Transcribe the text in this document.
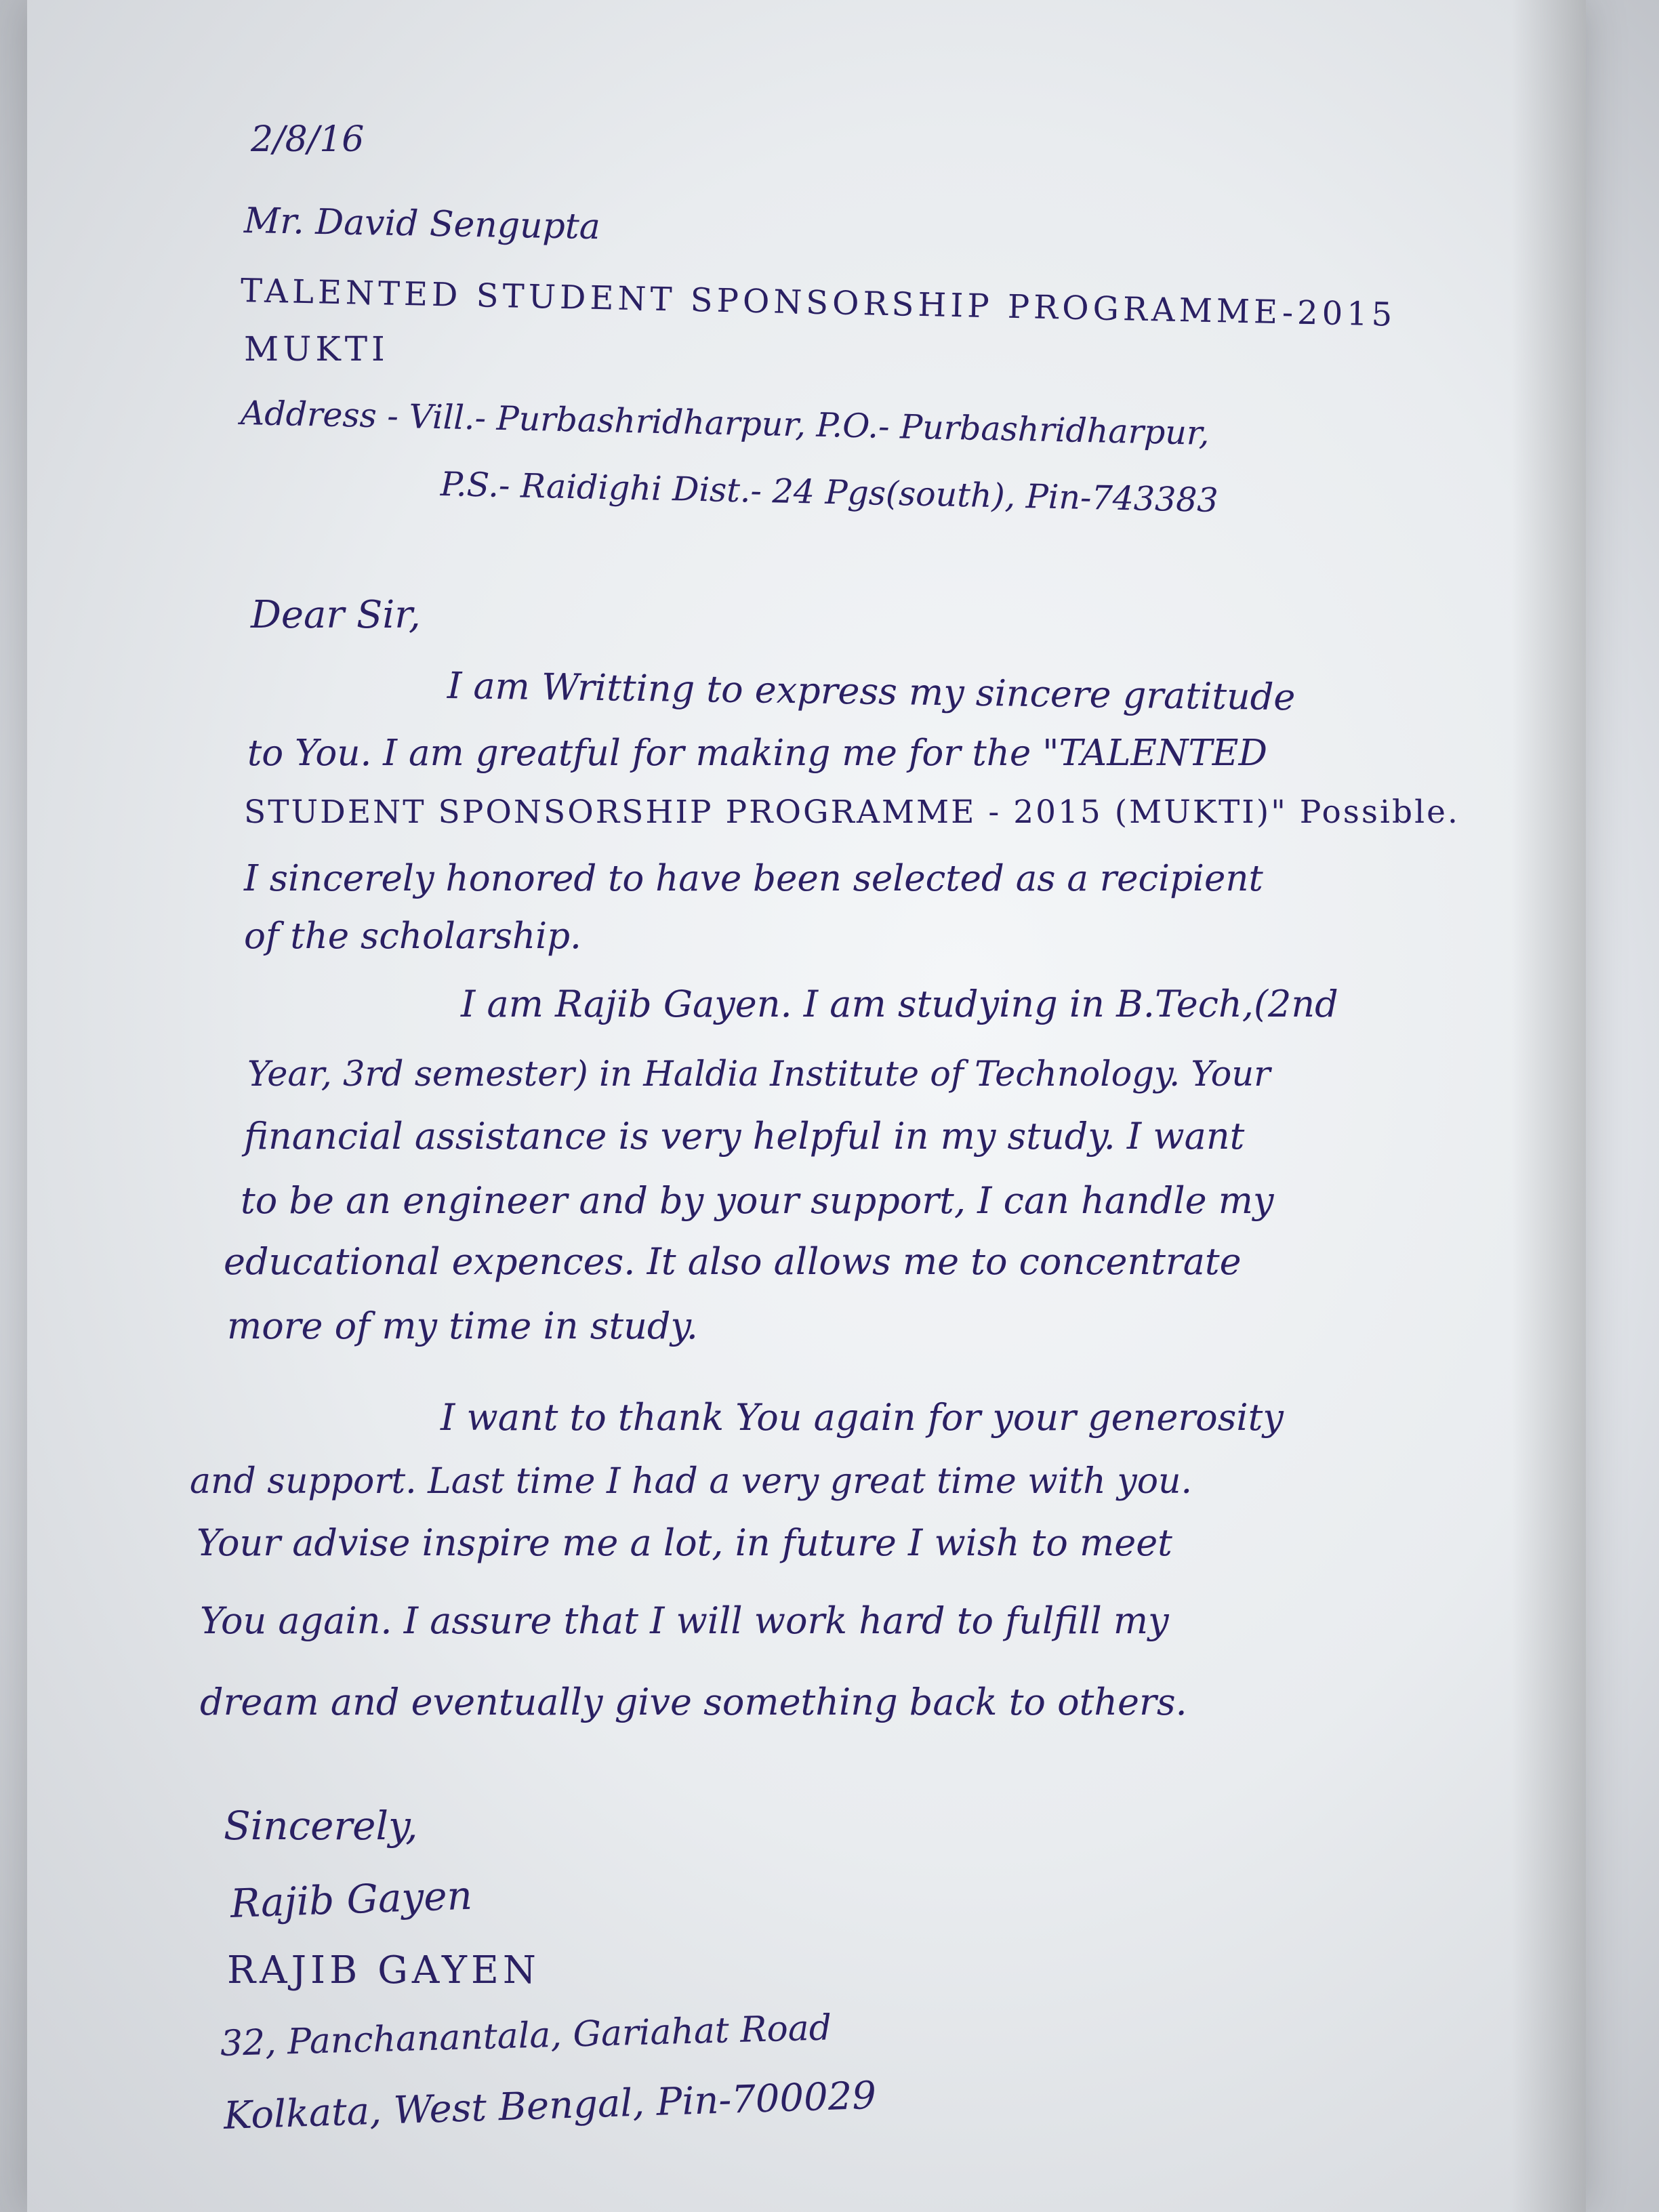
2/8/16
Mr. David Sengupta
TALENTED STUDENT SPONSORSHIP PROGRAMME-2015
MUKTI
Address - Vill.- Purbashridharpur, P.O.- Purbashridharpur,
P.S.- Raidighi Dist.- 24 Pgs(south), Pin-743383
Dear Sir,
I am Writting to express my sincere gratitude
to You. I am greatful for making me for the "TALENTED
STUDENT SPONSORSHIP PROGRAMME - 2015 (MUKTI)" Possible.
I sincerely honored to have been selected as a recipient
of the scholarship.
I am Rajib Gayen. I am studying in B.Tech,(2nd
Year, 3rd semester) in Haldia Institute of Technology. Your
financial assistance is very helpful in my study. I want
to be an engineer and by your support, I can handle my
educational expences. It also allows me to concentrate
more of my time in study.
I want to thank You again for your generosity
and support. Last time I had a very great time with you.
Your advise inspire me a lot, in future I wish to meet
You again. I assure that I will work hard to fulfill my
dream and eventually give something back to others.
Sincerely,
Rajib Gayen
RAJIB GAYEN
32, Panchanantala, Gariahat Road
Kolkata, West Bengal, Pin-700029
